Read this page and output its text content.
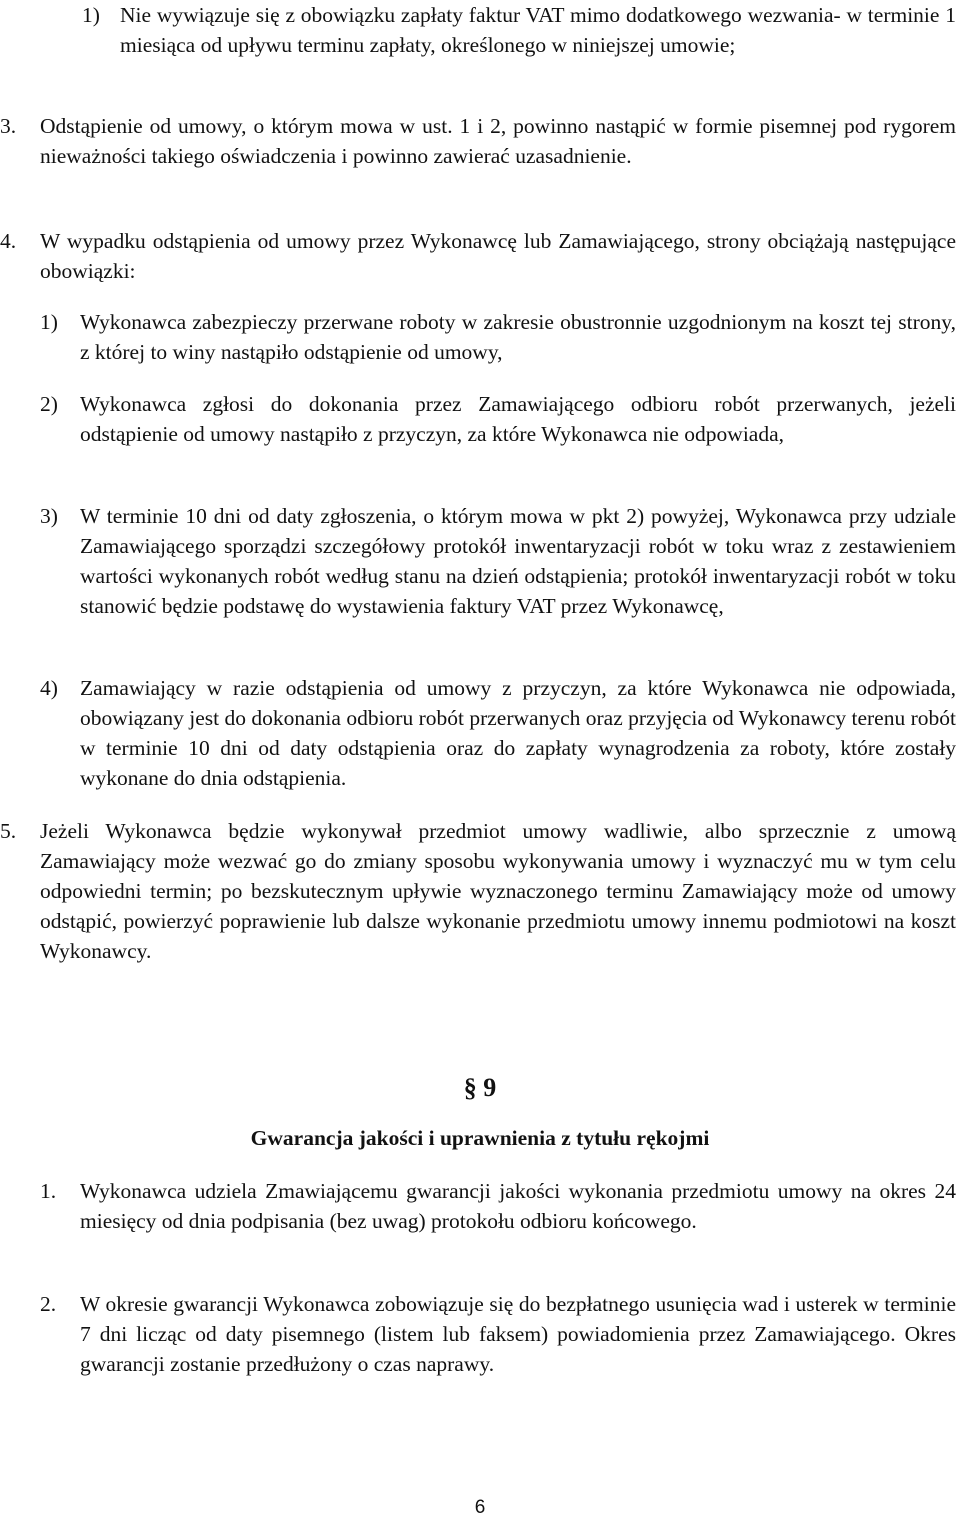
1) Nie wywiązuje się z obowiązku zapłaty faktur VAT mimo dodatkowego wezwania- w terminie 1 miesiąca od upływu terminu zapłaty, określonego w niniejszej umowie;
3. Odstąpienie od umowy, o którym mowa w ust. 1 i 2, powinno nastąpić w formie pisemnej pod rygorem nieważności takiego oświadczenia i powinno zawierać uzasadnienie.
4. W wypadku odstąpienia od umowy przez Wykonawcę lub Zamawiającego, strony obciążają następujące obowiązki:
1) Wykonawca zabezpieczy przerwane roboty w zakresie obustronnie uzgodnionym na koszt tej strony, z której to winy nastąpiło odstąpienie od umowy,
2) Wykonawca zgłosi do dokonania przez Zamawiającego odbioru robót przerwanych, jeżeli odstąpienie od umowy nastąpiło z przyczyn, za które Wykonawca nie odpowiada,
3) W terminie 10 dni od daty zgłoszenia, o którym mowa w pkt 2) powyżej, Wykonawca przy udziale Zamawiającego sporządzi szczegółowy protokół inwentaryzacji robót w toku wraz z zestawieniem wartości wykonanych robót według stanu na dzień odstąpienia; protokół inwentaryzacji robót w toku stanowić będzie podstawę do wystawienia faktury VAT przez Wykonawcę,
4) Zamawiający w razie odstąpienia od umowy z przyczyn, za które Wykonawca nie odpowiada, obowiązany jest do dokonania odbioru robót przerwanych oraz przyjęcia od Wykonawcy terenu robót w terminie 10 dni od daty odstąpienia oraz do zapłaty wynagrodzenia za roboty, które zostały wykonane do dnia odstąpienia.
5. Jeżeli Wykonawca będzie wykonywał przedmiot umowy wadliwie, albo sprzecznie z umową Zamawiający może wezwać go do zmiany sposobu wykonywania umowy i wyznaczyć mu w tym celu odpowiedni termin; po bezskutecznym upływie wyznaczonego terminu Zamawiający może od umowy odstąpić, powierzyć poprawienie lub dalsze wykonanie przedmiotu umowy innemu podmiotowi na koszt Wykonawcy.
§ 9
Gwarancja jakości i uprawnienia z tytułu rękojmi
1. Wykonawca udziela Zmawiającemu gwarancji jakości wykonania przedmiotu umowy na okres 24 miesięcy od dnia podpisania (bez uwag) protokołu odbioru końcowego.
2. W okresie gwarancji Wykonawca zobowiązuje się do bezpłatnego usunięcia wad i usterek w terminie 7 dni licząc od daty pisemnego (listem lub faksem) powiadomienia przez Zamawiającego. Okres gwarancji zostanie przedłużony o czas naprawy.
6
